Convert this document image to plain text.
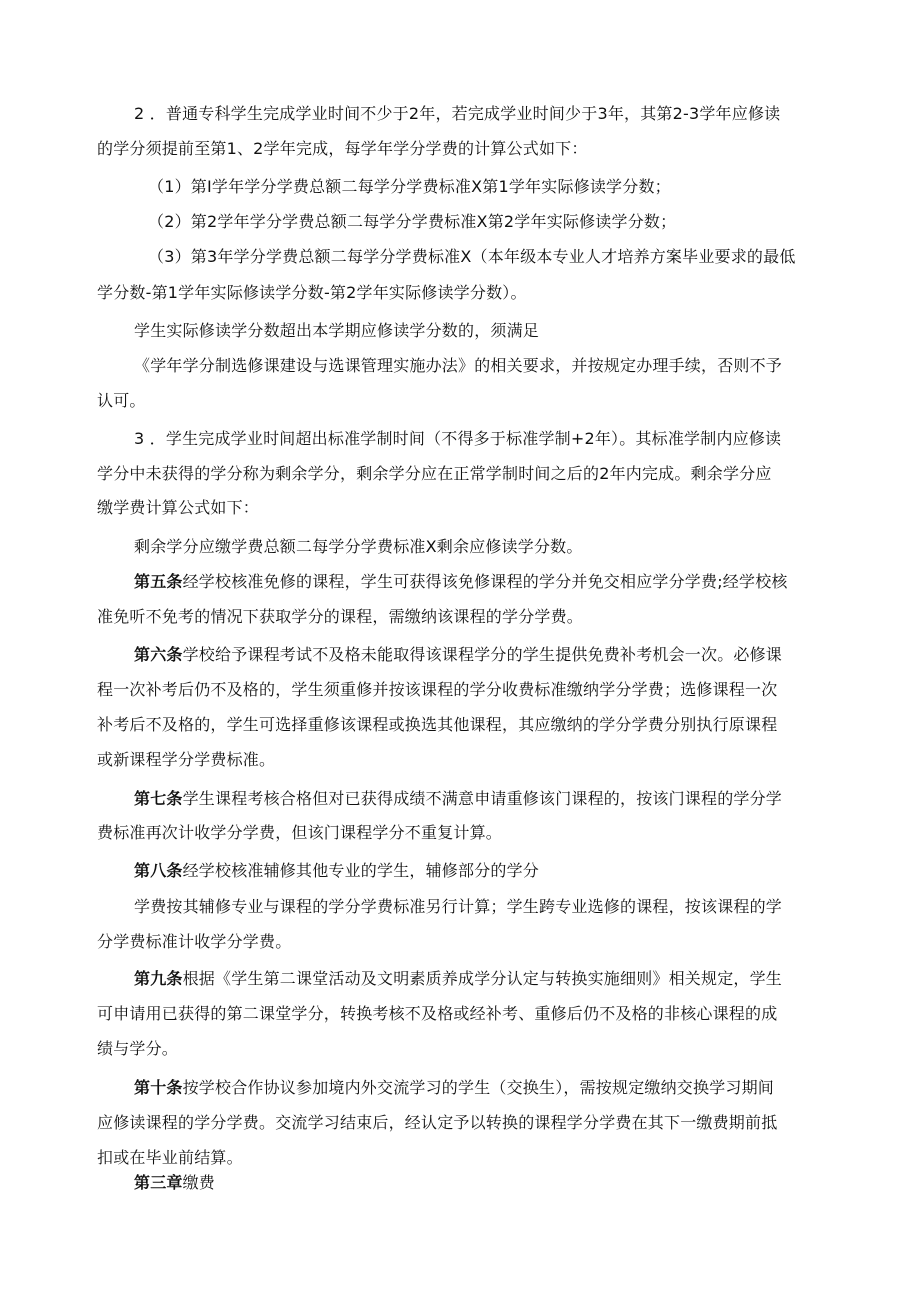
2 ．普通专科学生完成学业时间不少于2年，若完成学业时间少于3年，其第2-3学年应修读
的学分须提前至第1、2学年完成，每学年学分学费的计算公式如下：
（1）第I学年学分学费总额二每学分学费标准X第1学年实际修读学分数；
（2）第2学年学分学费总额二每学分学费标准X第2学年实际修读学分数；
（3）第3年学分学费总额二每学分学费标准X（本年级本专业人才培养方案毕业要求的最低
学分数-第1学年实际修读学分数-第2学年实际修读学分数）。
学生实际修读学分数超出本学期应修读学分数的，须满足
《学年学分制选修课建设与选课管理实施办法》的相关要求，并按规定办理手续，否则不予
认可。
3 ．学生完成学业时间超出标准学制时间（不得多于标准学制+2年）。其标准学制内应修读
学分中未获得的学分称为剩余学分，剩余学分应在正常学制时间之后的2年内完成。剩余学分应
缴学费计算公式如下：
剩余学分应缴学费总额二每学分学费标准X剩余应修读学分数。
第五条经学校核准免修的课程，学生可获得该免修课程的学分并免交相应学分学费;经学校核
准免听不免考的情况下获取学分的课程，需缴纳该课程的学分学费。
第六条学校给予课程考试不及格未能取得该课程学分的学生提供免费补考机会一次。必修课
程一次补考后仍不及格的，学生须重修并按该课程的学分收费标准缴纳学分学费；选修课程一次
补考后不及格的，学生可选择重修该课程或换选其他课程，其应缴纳的学分学费分别执行原课程
或新课程学分学费标准。
第七条学生课程考核合格但对已获得成绩不满意申请重修该门课程的，按该门课程的学分学
费标准再次计收学分学费，但该门课程学分不重复计算。
第八条经学校核准辅修其他专业的学生，辅修部分的学分
学费按其辅修专业与课程的学分学费标准另行计算；学生跨专业选修的课程，按该课程的学
分学费标准计收学分学费。
第九条根据《学生第二课堂活动及文明素质养成学分认定与转换实施细则》相关规定，学生
可申请用已获得的第二课堂学分，转换考核不及格或经补考、重修后仍不及格的非核心课程的成
绩与学分。
第十条按学校合作协议参加境内外交流学习的学生（交换生），需按规定缴纳交换学习期间
应修读课程的学分学费。交流学习结束后，经认定予以转换的课程学分学费在其下一缴费期前抵
扣或在毕业前结算。
第三章缴费
